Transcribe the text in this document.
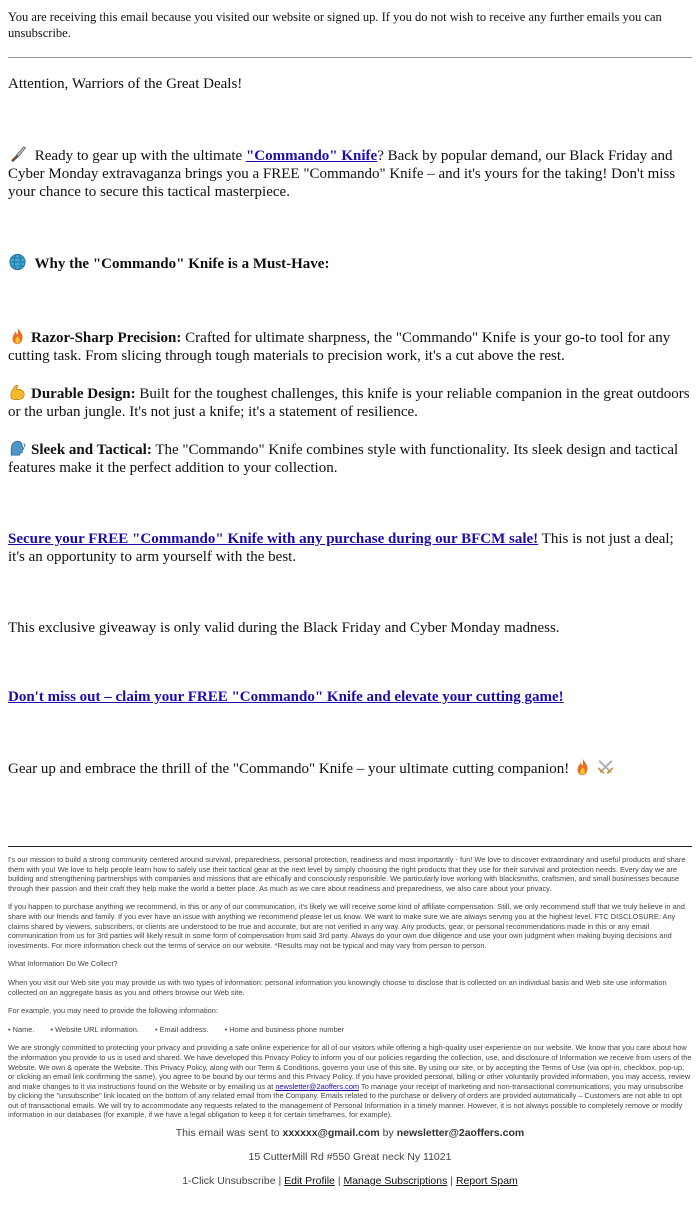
You are receiving this email because you visited our website or signed up. If you do not wish to receive any further emails you can unsubscribe.

Attention, Warriors of the Great Deals!

Ready to gear up with the ultimate "Commando" Knife? Back by popular demand, our Black Friday and Cyber Monday extravaganza brings you a FREE "Commando" Knife – and it's yours for the taking! Don't miss your chance to secure this tactical masterpiece.

Why the "Commando" Knife is a Must-Have:

Razor-Sharp Precision: Crafted for ultimate sharpness, the "Commando" Knife is your go-to tool for any cutting task. From slicing through tough materials to precision work, it's a cut above the rest.

Durable Design: Built for the toughest challenges, this knife is your reliable companion in the great outdoors or the urban jungle. It's not just a knife; it's a statement of resilience.

Sleek and Tactical: The "Commando" Knife combines style with functionality. Its sleek design and tactical features make it the perfect addition to your collection.

Secure your FREE "Commando" Knife with any purchase during our BFCM sale! This is not just a deal; it's an opportunity to arm yourself with the best.

This exclusive giveaway is only valid during the Black Friday and Cyber Monday madness.

Don't miss out – claim your FREE "Commando" Knife and elevate your cutting game!

Gear up and embrace the thrill of the "Commando" Knife – your ultimate cutting companion!

I's our mission to build a strong community centered around survival, preparedness, personal protection, readiness and most importantly - fun! We love to discover extraordinary and useful products and share them with you! We love to help people learn how to safely use their tactical gear at the next level by simply choosing the right products that they use for their survival and protection needs. Every day we are building and strengthening partnerships with companies and missions that are ethically and consciously responsible. We particularly love working with blacksmiths, craftsmen, and small businesses because through their passion and their craft they help make the world a better place. As much as we care about readiness and preparedness, we also care about your privacy.

If you happen to purchase anything we recommend, in this or any of our communication, it's likely we will receive some kind of affiliate compensation. Still, we only recommend stuff that we truly believe in and share with our friends and family. If you ever have an issue with anything we recommend please let us know. We want to make sure we are always serving you at the highest level. FTC DISCLOSURE: Any claims shared by viewers, subscribers, or clients are understood to be true and accurate, but are not verified in any way. Any products, gear, or personal recommendations made in this or any email communication from us for 3rd parties will likely result in some form of compensation from said 3rd party. Always do your own due diligence and use your own judgment when making buying decisions and investments. For more information check out the terms of service on our website. *Results may not be typical and may vary from person to person.

What Information Do We Collect?

When you visit our Web site you may provide us with two types of information: personal information you knowingly choose to disclose that is collected on an individual basis and Web site use information collected on an aggregate basis as you and others browse our Web site.

For example, you may need to provide the following information:

• Name. • Website URL information. • Email address. • Home and business phone number

We are strongly committed to protecting your privacy and providing a safe online experience for all of our visitors while offering a high-quality user experience on our website. We know that you care about how the information you provide to us is used and shared. We have developed this Privacy Policy to inform you of our policies regarding the collection, use, and disclosure of Information we receive from users of the Website. We own & operate the Website. This Privacy Policy, along with our Term & Conditions, governs your use of this site. By using our site, or by accepting the Terms of Use (via opt-in, checkbox, pop-up, or clicking an email link confirming the same), you agree to be bound by our terms and this Privacy Policy. If you have provided personal, billing or other voluntarily provided information, you may access, review and make changes to it via instructions found on the Website or by emailing us at newsletter@2aoffers.com To manage your receipt of marketing and non-transactional communications, you may unsubscribe by clicking the "unsubscribe" link located on the bottom of any related email from the Company. Emails related to the purchase or delivery of orders are provided automatically – Customers are not able to opt out of transactional emails. We will try to accommodate any requests related to the management of Personal Information in a timely manner. However, it is not always possible to completely remove or modify information in our databases (for example, if we have a legal obligation to keep it for certain timeframes, for example).

This email was sent to xxxxxx@gmail.com by newsletter@2aoffers.com

15 CutterMill Rd #550 Great neck Ny 11021

1-Click Unsubscribe | Edit Profile | Manage Subscriptions | Report Spam
